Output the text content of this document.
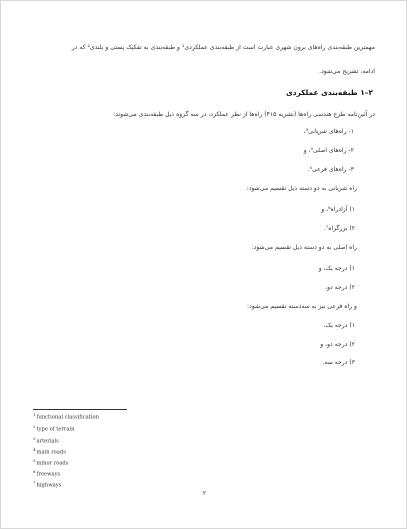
مهمترین طبقه‌بندی راه‌های برون شهری عبارت است از طبقه‌بندی عملکردی¹ و طبقه‌بندی به تفکیک پستی و بلندی² که در
ادامه، تشریح می‌شود.
۲–۱ طبقه‌بندی عملکردی
در آئین‌نامه طرح هندسی راه‌ها (نشریه ۴۱۵) راه‌ها از نظر عملکرد، در سه گروه ذیل طبقه‌بندی می‌شوند:
۱- راه‌های شریانی³،
۲- راه‌های اصلی⁴، و
۳- راه‌های فرعی⁵.
راه شریانی به دو دسته ذیل تقسیم می‌شود:
۱) آزادراه⁶، و
۲) بزرگراه⁷.
راه اصلی به دو دسته ذیل تقسیم می‌شود:
۱) درجه یک، و
۲) درجه دو.
و راه فرعی نیز به سه‌دسته تقسیم می‌شود:
۱) درجه یک،
۲) درجه دو، و
۳) درجه سه.
$^1$functional classification
$^2$type of terrain
$^3$arterials
$^4$main roads
$^5$minor roads
$^6$freeways
$^7$highways
۲
